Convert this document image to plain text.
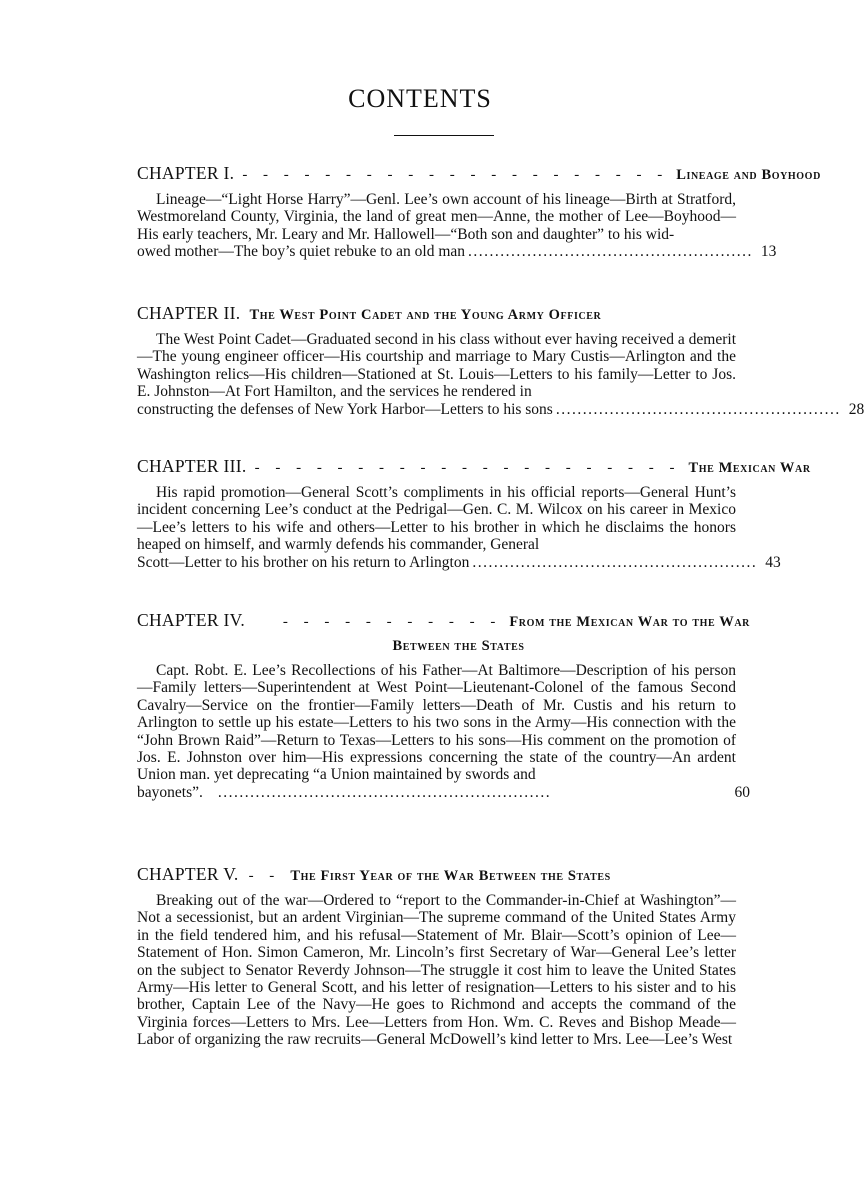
CONTENTS
CHAPTER I. - - - - - - - - - - - - - - - - - - - - - Lineage and Boyhood

Lineage—“Light Horse Harry”—Genl. Lee’s own account of his lineage—Birth at Stratford, Westmoreland County, Virginia, the land of great men—Anne, the mother of Lee—Boyhood—His early teachers, Mr. Leary and Mr. Hallowell—“Both son and daughter” to his wid-

owed mother—The boy’s quiet rebuke to an old man ..................................................... 13
CHAPTER II. The West Point Cadet and the Young Army Officer

The West Point Cadet—Graduated second in his class without ever having received a demerit—The young engineer officer—His courtship and marriage to Mary Custis—Arlington and the Washington relics—His children—Stationed at St. Louis—Letters to his family—Letter to Jos. E. Johnston—At Fort Hamilton, and the services he rendered in

constructing the defenses of New York Harbor—Letters to his sons ..................................................... 28
CHAPTER III. - - - - - - - - - - - - - - - - - - - - - The Mexican War

His rapid promotion—General Scott’s compliments in his official reports—General Hunt’s incident concerning Lee’s conduct at the Pedrigal—Gen. C. M. Wilcox on his career in Mexico—Lee’s letters to his wife and others—Letter to his brother in which he disclaims the honors heaped on himself, and warmly defends his commander, General

Scott—Letter to his brother on his return to Arlington ..................................................... 43
CHAPTER IV.	- - - - - - - - - - - From the Mexican War to the War
Between the States

Capt. Robt. E. Lee’s Recollections of his Father—At Baltimore—Description of his person—Family letters—Superintendent at West Point—Lieutenant-Colonel of the famous Second Cavalry—Service on the frontier—Family letters—Death of Mr. Custis and his return to Arlington to settle up his estate—Letters to his two sons in the Army—His connection with the “John Brown Raid”—Return to Texas—Letters to his sons—His comment on the promotion of Jos. E. Johnston over him—His expressions concerning the state of the country—An ardent Union man. yet deprecating “a Union maintained by swords and

bayonets”. ..............................................................	60
CHAPTER V. - - The First Year of the War Between the States

Breaking out of the war—Ordered to “report to the Commander-in-Chief at Washington”—Not a secessionist, but an ardent Virginian—The supreme command of the United States Army in the field tendered him, and his refusal—Statement of Mr. Blair—Scott’s opinion of Lee—Statement of Hon. Simon Cameron, Mr. Lincoln’s first Secretary of War—General Lee’s letter on the subject to Senator Reverdy Johnson—The struggle it cost him to leave the United States Army—His letter to General Scott, and his letter of resignation—Letters to his sister and to his brother, Captain Lee of the Navy—He goes to Richmond and accepts the command of the Virginia forces—Letters to Mrs. Lee—Letters from Hon. Wm. C. Reves and Bishop Meade—Labor of organizing the raw recruits—General McDowell’s kind letter to Mrs. Lee—Lee’s West
